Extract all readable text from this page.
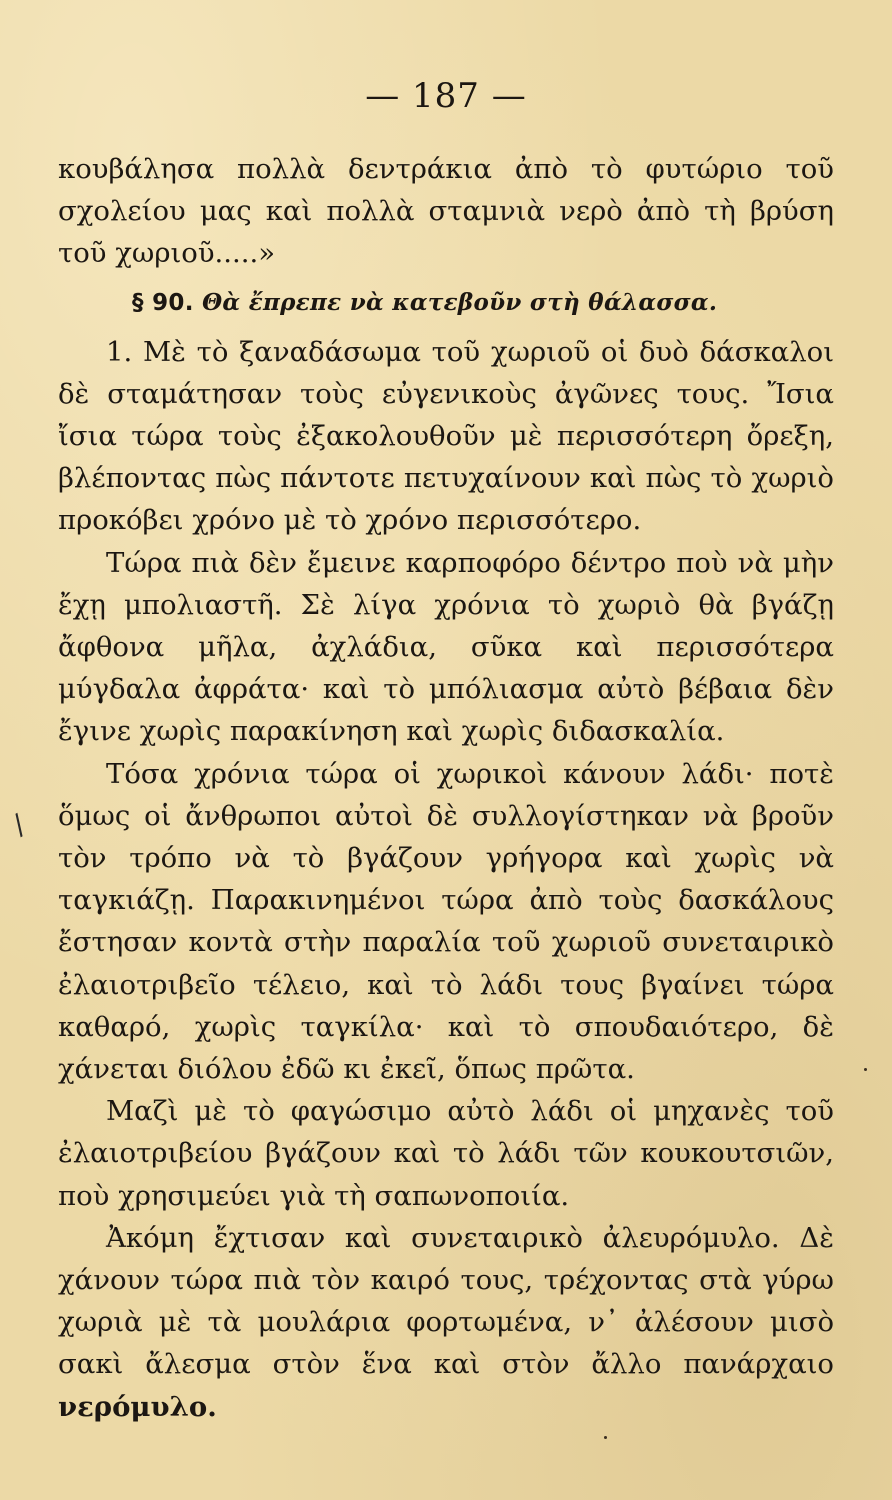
— 187 —
/

κουβάλησα πολλὰ δεντράκια ἀπὸ τὸ φυτώριο τοῦ σχολείου μας καὶ πολλὰ σταμνιὰ νερὸ ἀπὸ τὴ βρύση τοῦ χωριοῦ.....»

§ 90. Θὰ ἔπρεπε νὰ κατεβοῦν στὴ θάλασσα.

1. Μὲ τὸ ξαναδάσωμα τοῦ χωριοῦ οἱ δυὸ δάσκαλοι δὲ σταμάτησαν τοὺς εὐγενικοὺς ἀγῶνες τους. Ἴσια ἴσια τώρα τοὺς ἐξακολουθοῦν μὲ περισσότερη ὄρεξη, βλέποντας πὼς πάντοτε πετυχαίνουν καὶ πὼς τὸ χωριὸ προκόβει χρόνο μὲ τὸ χρόνο περισσότερο.

Τώρα πιὰ δὲν ἔμεινε καρποφόρο δέντρο ποὺ νὰ μὴν ἔχῃ μπολιαστῆ. Σὲ λίγα χρόνια τὸ χωριὸ θὰ βγάζῃ ἄφθονα μῆλα, ἀχλάδια, σῦκα καὶ περισσότερα μύγδαλα ἀφράτα· καὶ τὸ μπόλιασμα αὐτὸ βέβαια δὲν ἔγινε χωρὶς παρακίνηση καὶ χωρὶς διδασκαλία.

Τόσα χρόνια τώρα οἱ χωρικοὶ κάνουν λάδι· ποτὲ ὅμως οἱ ἄνθρωποι αὐτοὶ δὲ συλλογίστηκαν νὰ βροῦν τὸν τρόπο νὰ τὸ βγάζουν γρήγορα καὶ χωρὶς νὰ ταγκιάζῃ. Παρακινημένοι τώρα ἀπὸ τοὺς δασκάλους ἔστησαν κοντὰ στὴν παραλία τοῦ χωριοῦ συνεταιρικὸ ἐλαιοτριβεῖο τέλειο, καὶ τὸ λάδι τους βγαίνει τώρα καθαρό, χωρὶς ταγκίλα· καὶ τὸ σπουδαιότερο, δὲ χάνεται διόλου ἐδῶ κι ἐκεῖ, ὅπως πρῶτα.

Μαζὶ μὲ τὸ φαγώσιμο αὐτὸ λάδι οἱ μηχανὲς τοῦ ἐλαιοτριβείου βγάζουν καὶ τὸ λάδι τῶν κουκουτσιῶν, ποὺ χρησιμεύει γιὰ τὴ σαπωνοποιία.

Ἀκόμη ἔχτισαν καὶ συνεταιρικὸ ἀλευρόμυλο. Δὲ χάνουν τώρα πιὰ τὸν καιρό τους, τρέχοντας στὰ γύρω χωριὰ μὲ τὰ μουλάρια φορτωμένα, ν᾿ ἀλέσουν μισὸ σακὶ ἄλεσμα στὸν ἕνα καὶ στὸν ἄλλο πανάρχαιο νερόμυλο.
